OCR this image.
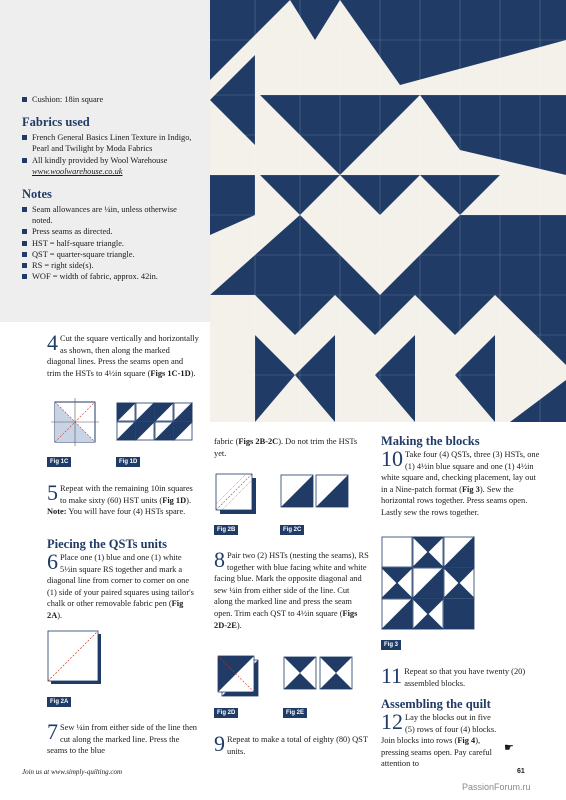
Cushion: 18in square

Fabrics used

French General Basics Linen Texture in Indigo, Pearl and Twilight by Moda Fabrics

All kindly provided by Wool Warehouse

www.woolwarehouse.co.uk

Notes

Seam allowances are ¼in, unless otherwise noted.

Press seams as directed.

HST = half-square triangle.

QST = quarter-square triangle.

RS = right side(s).

WOF = width of fabric, approx. 42in.

4 Cut the square vertically and horizontally as shown, then along the marked diagonal lines. Press the seams open and trim the HSTs to 4½in square (Figs 1C-1D).

Fig 1C	Fig 1D

5 Repeat with the remaining 10in squares to make sixty (60) HST units (Fig 1D). Note: You will have four (4) HSTs spare.

Piecing the QSTs units

6 Place one (1) blue and one (1) white 5½in square RS together and mark a diagonal line from corner to corner on one (1) side of your paired squares using tailor's chalk or other removable fabric pen (Fig 2A).

Fig 2A

7 Sew ¼in from either side of the line then cut along the marked line. Press the seams to the blue

fabric (Figs 2B-2C). Do not trim the HSTs yet.

Fig 2B	Fig 2C

8 Pair two (2) HSTs (nesting the seams), RS together with blue facing white and white facing blue. Mark the opposite diagonal and sew ¼in from either side of the line. Cut along the marked line and press the seam open. Trim each QST to 4½in square (Figs 2D-2E).

Fig 2D	Fig 2E

9 Repeat to make a total of eighty (80) QST units.

Making the blocks

10 Take four (4) QSTs, three (3) HSTs, one (1) 4½in blue square and one (1) 4½in white square and, checking placement, lay out in a Nine-patch format (Fig 3). Sew the horizontal rows together. Press seams open. Lastly sew the rows together.

Fig 3

11 Repeat so that you have twenty (20) assembled blocks.

Assembling the quilt

12 Lay the blocks out in five (5) rows of four (4) blocks. Join blocks into rows (Fig 4), pressing seams open. Pay careful attention to

☛
Join us at www.simply-quilting.com	61
PassionForum.ru
